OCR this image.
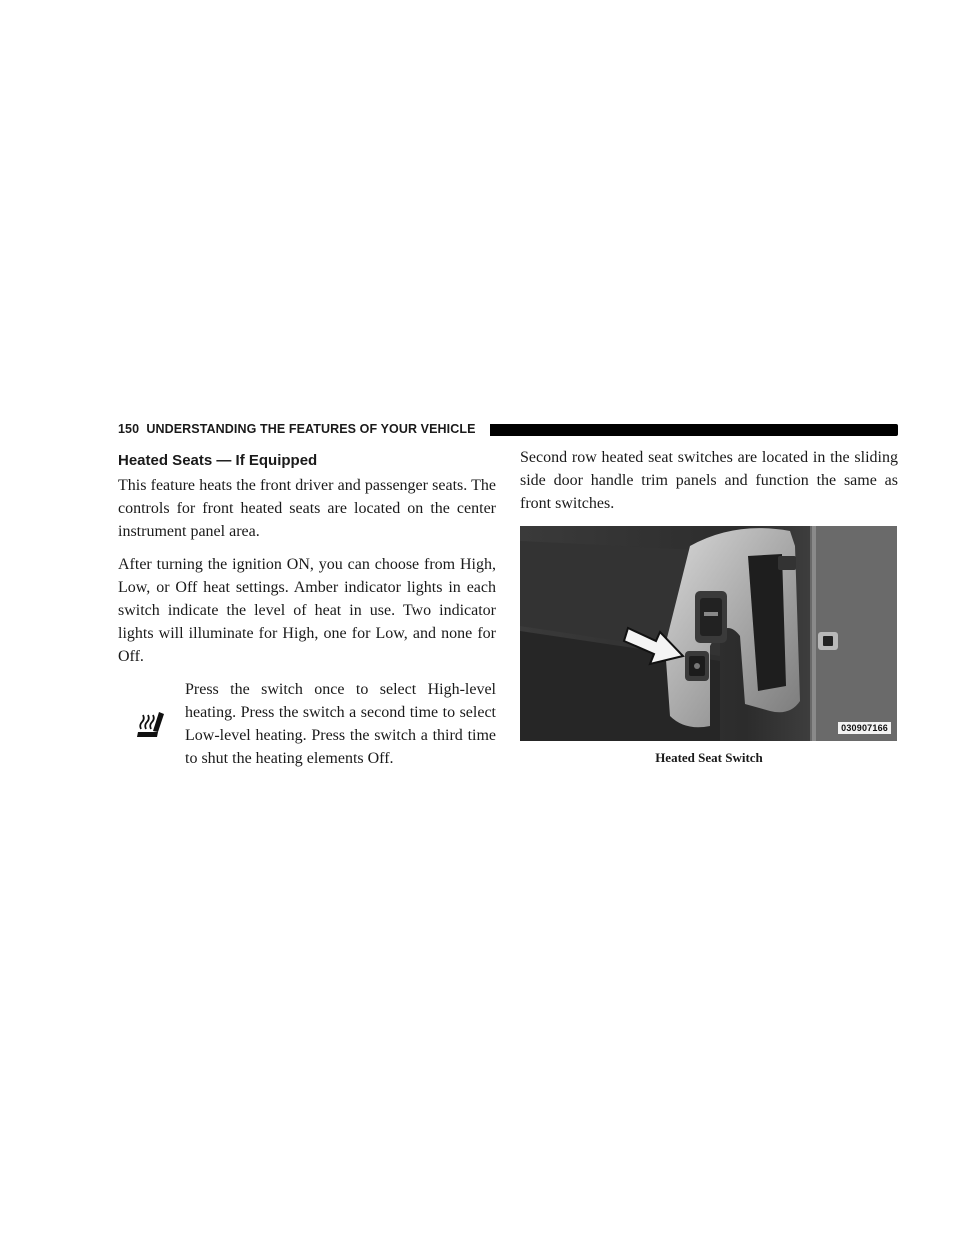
150 UNDERSTANDING THE FEATURES OF YOUR VEHICLE
Heated Seats — If Equipped

This feature heats the front driver and passenger seats. The controls for front heated seats are located on the center instrument panel area.

After turning the ignition ON, you can choose from High, Low, or Off heat settings. Amber indicator lights in each switch indicate the level of heat in use. Two indicator lights will illuminate for High, one for Low, and none for Off.

Press the switch once to select High-level heating. Press the switch a second time to select Low-level heating. Press the switch a third time to shut the heating elements Off.

Second row heated seat switches are located in the sliding side door handle trim panels and function the same as front switches.

030907166
Heated Seat Switch
